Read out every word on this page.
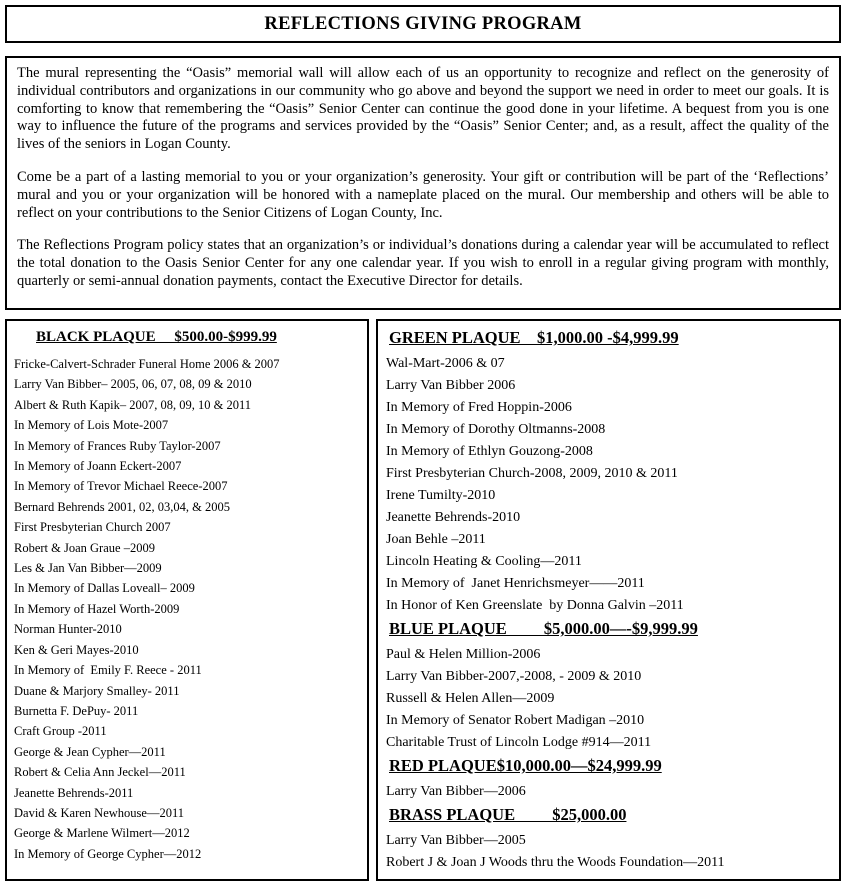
REFLECTIONS GIVING PROGRAM

The mural representing the “Oasis” memorial wall will allow each of us an opportunity to recognize and reflect on the generosity of individual contributors and organizations in our community who go above and beyond the support we need in order to meet our goals. It is comforting to know that remembering the “Oasis” Senior Center can continue the good done in your lifetime. A bequest from you is one way to influence the future of the programs and services provided by the “Oasis” Senior Center; and, as a result, affect the quality of the lives of the seniors in Logan County.

Come be a part of a lasting memorial to you or your organization’s generosity. Your gift or contribution will be part of the ‘Reflections’ mural and you or your organization will be honored with a nameplate placed on the mural. Our membership and others will be able to reflect on your contributions to the Senior Citizens of Logan County, Inc.

The Reflections Program policy states that an organization’s or individual’s donations during a calendar year will be accumulated to reflect the total donation to the Oasis Senior Center for any one calendar year. If you wish to enroll in a regular giving program with monthly, quarterly or semi-annual donation payments, contact the Executive Director for details.

BLACK PLAQUE     $500.00-$999.99
Fricke-Calvert-Schrader Funeral Home 2006 & 2007
Larry Van Bibber– 2005, 06, 07, 08, 09 & 2010
Albert & Ruth Kapik– 2007, 08, 09, 10 & 2011
In Memory of Lois Mote-2007
In Memory of Frances Ruby Taylor-2007
In Memory of Joann Eckert-2007
In Memory of Trevor Michael Reece-2007
Bernard Behrends 2001, 02, 03,04, & 2005
First Presbyterian Church 2007
Robert & Joan Graue –2009
Les & Jan Van Bibber—2009
In Memory of Dallas Loveall– 2009
In Memory of Hazel Worth-2009
Norman Hunter-2010
Ken & Geri Mayes-2010
In Memory of  Emily F. Reece - 2011
Duane & Marjory Smalley- 2011
Burnetta F. DePuy- 2011
Craft Group -2011
George & Jean Cypher—2011
Robert & Celia Ann Jeckel—2011
Jeanette Behrends-2011
David & Karen Newhouse—2011
George & Marlene Wilmert—2012
In Memory of George Cypher—2012
GREEN PLAQUE    $1,000.00 -$4,999.99
Wal-Mart-2006 & 07
Larry Van Bibber 2006
In Memory of Fred Hoppin-2006
In Memory of Dorothy Oltmanns-2008
In Memory of Ethlyn Gouzong-2008
First Presbyterian Church-2008, 2009, 2010 & 2011
Irene Tumilty-2010
Jeanette Behrends-2010
Joan Behle –2011
Lincoln Heating & Cooling—2011
In Memory of  Janet Henrichsmeyer——2011
In Honor of Ken Greenslate  by Donna Galvin –2011
BLUE PLAQUE         $5,000.00—-$9,999.99
Paul & Helen Million-2006
Larry Van Bibber-2007,-2008, - 2009 & 2010
Russell & Helen Allen—2009
In Memory of Senator Robert Madigan –2010
Charitable Trust of Lincoln Lodge #914—2011
RED PLAQUE$10,000.00—$24,999.99
Larry Van Bibber—2006
BRASS PLAQUE         $25,000.00
Larry Van Bibber—2005
Robert J & Joan J Woods thru the Woods Foundation—2011
